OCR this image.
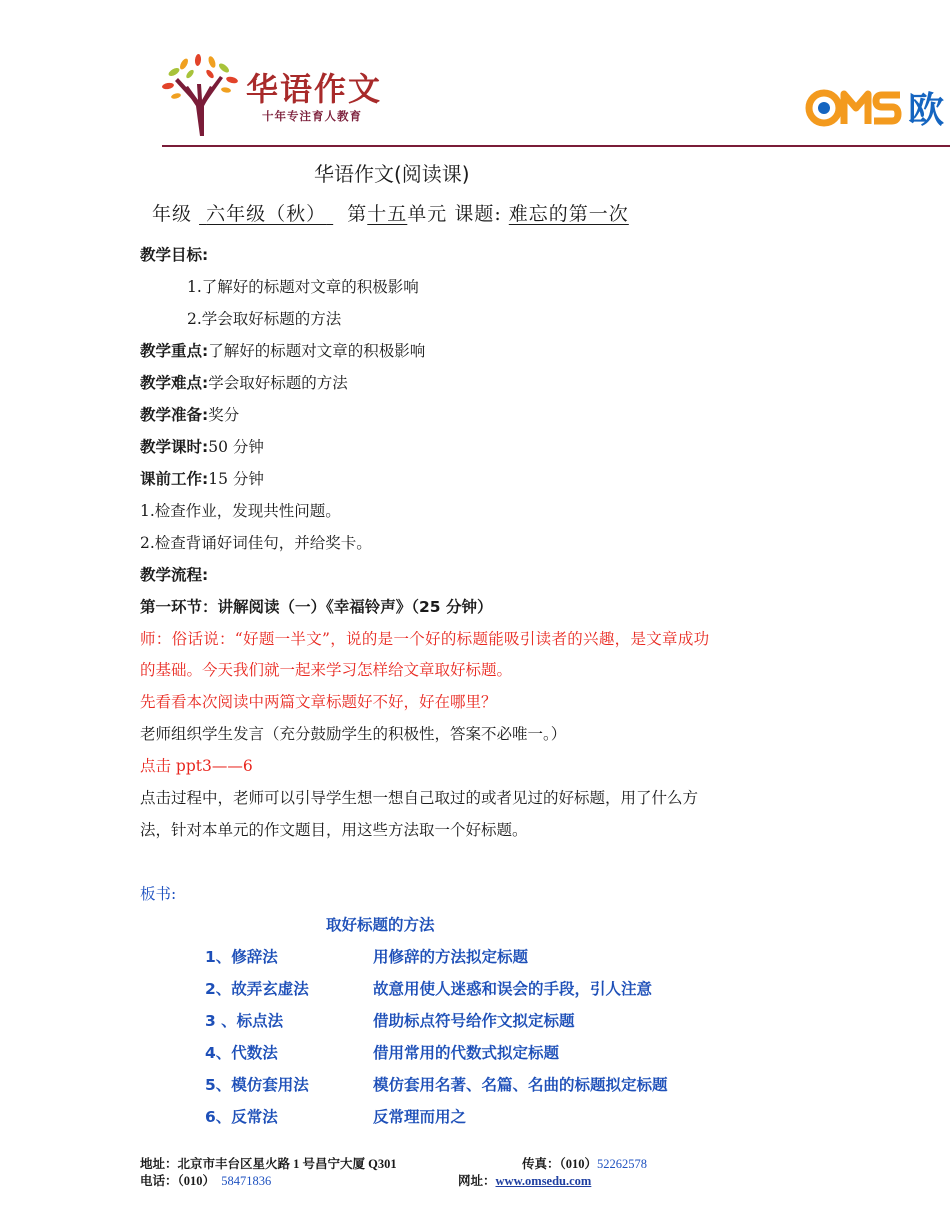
华语作文
十年专注育人教育	欧
华语作文(阅读课)
年级 六年级（秋） 第十五单元 课题: 难忘的第一次
教学目标:
1.了解好的标题对文章的积极影响
2.学会取好标题的方法
教学重点:了解好的标题对文章的积极影响
教学难点:学会取好标题的方法
教学准备:奖分
教学课时:50 分钟
课前工作:15 分钟
1.检查作业，发现共性问题。
2.检查背诵好词佳句，并给奖卡。
教学流程:
第一环节：讲解阅读（一）《幸福铃声》（25 分钟）
师：俗话说：“好题一半文”，说的是一个好的标题能吸引读者的兴趣，是文章成功
的基础。今天我们就一起来学习怎样给文章取好标题。
先看看本次阅读中两篇文章标题好不好，好在哪里？
老师组织学生发言（充分鼓励学生的积极性，答案不必唯一。）
点击 ppt3——6
点击过程中，老师可以引导学生想一想自己取过的或者见过的好标题，用了什么方
法，针对本单元的作文题目，用这些方法取一个好标题。
板书:
取好标题的方法
1、修辞法	用修辞的方法拟定标题
2、故弄玄虚法	故意用使人迷惑和误会的手段，引人注意
3 、标点法	借助标点符号给作文拟定标题
4、代数法	借用常用的代数式拟定标题
5、模仿套用法	模仿套用名著、名篇、名曲的标题拟定标题
6、反常法	反常理而用之
地址：北京市丰台区星火路 1 号昌宁大厦 Q301	传真：（010）52262578
电话：（010） 58471836	网址：www.omsedu.com
